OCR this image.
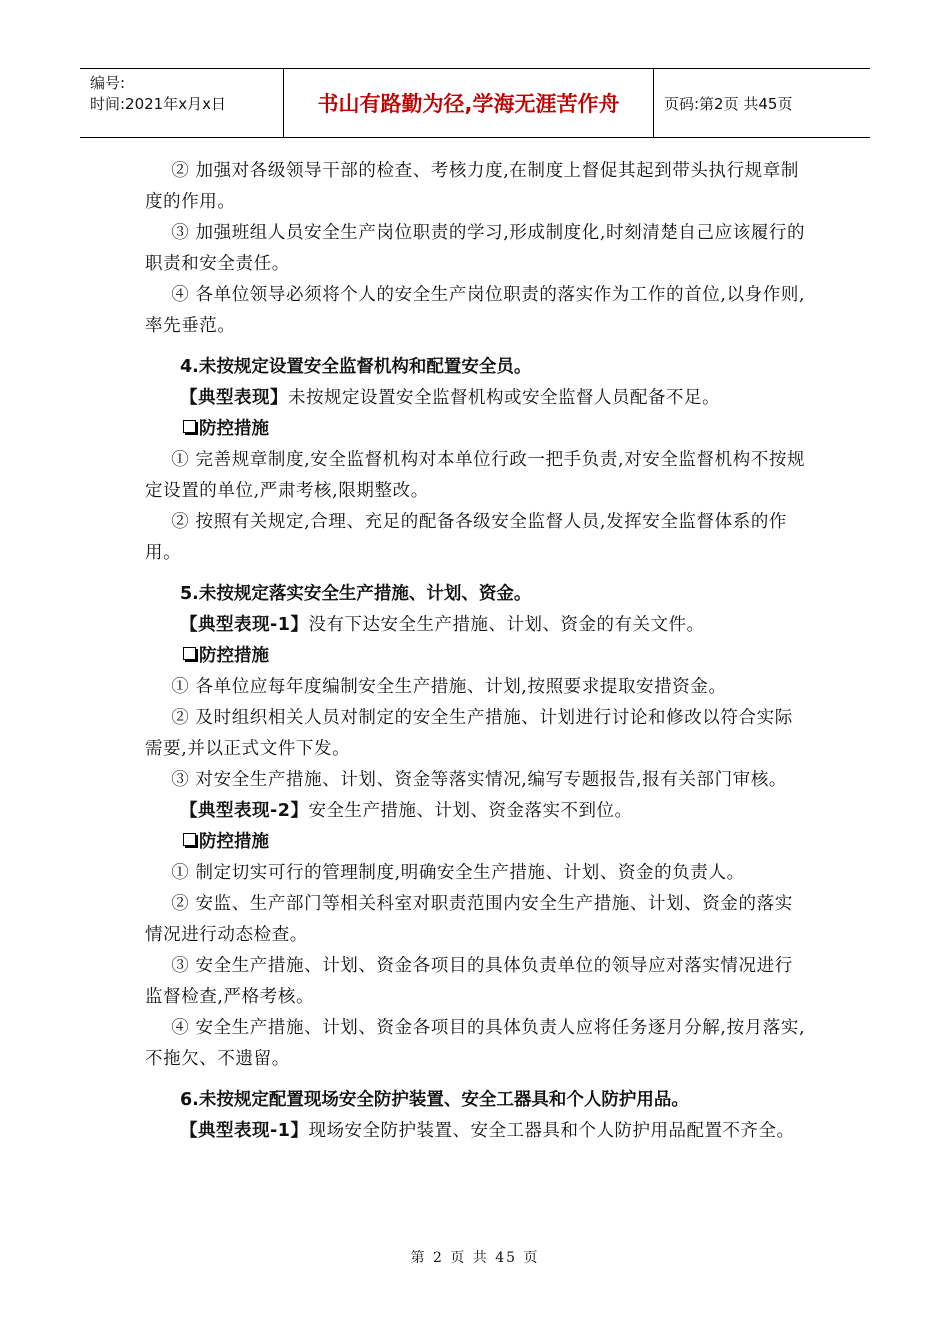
编号:
时间:2021年x月x日	书山有路勤为径,学海无涯苦作舟	页码:第2页 共45页

② 加强对各级领导干部的检查、考核力度,在制度上督促其起到带头执行规章制度的作用。

③ 加强班组人员安全生产岗位职责的学习,形成制度化,时刻清楚自己应该履行的职责和安全责任。

④ 各单位领导必须将个人的安全生产岗位职责的落实作为工作的首位,以身作则,率先垂范。

4.未按规定设置安全监督机构和配置安全员。

【典型表现】未按规定设置安全监督机构或安全监督人员配备不足。

防控措施

① 完善规章制度,安全监督机构对本单位行政一把手负责,对安全监督机构不按规定设置的单位,严肃考核,限期整改。

② 按照有关规定,合理、充足的配备各级安全监督人员,发挥安全监督体系的作用。

5.未按规定落实安全生产措施、计划、资金。

【典型表现-1】没有下达安全生产措施、计划、资金的有关文件。

防控措施

① 各单位应每年度编制安全生产措施、计划,按照要求提取安措资金。

② 及时组织相关人员对制定的安全生产措施、计划进行讨论和修改以符合实际需要,并以正式文件下发。

③ 对安全生产措施、计划、资金等落实情况,编写专题报告,报有关部门审核。

【典型表现-2】安全生产措施、计划、资金落实不到位。

防控措施

① 制定切实可行的管理制度,明确安全生产措施、计划、资金的负责人。

② 安监、生产部门等相关科室对职责范围内安全生产措施、计划、资金的落实情况进行动态检查。

③ 安全生产措施、计划、资金各项目的具体负责单位的领导应对落实情况进行监督检查,严格考核。

④ 安全生产措施、计划、资金各项目的具体负责人应将任务逐月分解,按月落实,不拖欠、不遗留。

6.未按规定配置现场安全防护装置、安全工器具和个人防护用品。

【典型表现-1】现场安全防护装置、安全工器具和个人防护用品配置不齐全。

第 2 页 共 45 页
